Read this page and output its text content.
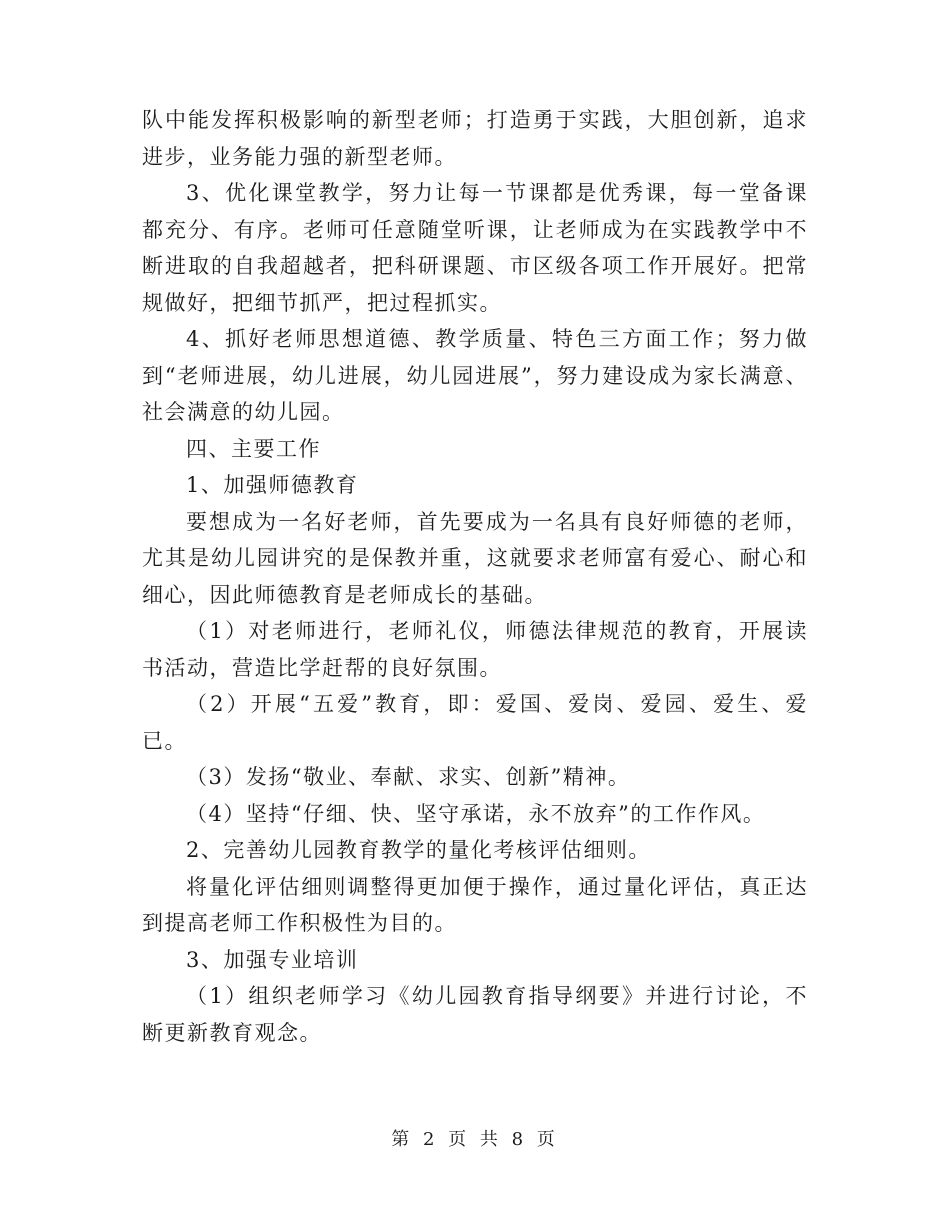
队中能发挥积极影响的新型老师；打造勇于实践，大胆创新，追求进步，业务能力强的新型老师。

3、优化课堂教学，努力让每一节课都是优秀课，每一堂备课都充分、有序。老师可任意随堂听课，让老师成为在实践教学中不断进取的自我超越者，把科研课题、市区级各项工作开展好。把常规做好，把细节抓严，把过程抓实。

4、抓好老师思想道德、教学质量、特色三方面工作；努力做到“老师进展，幼儿进展，幼儿园进展”，努力建设成为家长满意、社会满意的幼儿园。

四、主要工作

1、加强师德教育

要想成为一名好老师，首先要成为一名具有良好师德的老师，尤其是幼儿园讲究的是保教并重，这就要求老师富有爱心、耐心和细心，因此师德教育是老师成长的基础。

（1）对老师进行，老师礼仪，师德法律规范的教育，开展读书活动，营造比学赶帮的良好氛围。

（2）开展“五爱”教育，即：爱国、爱岗、爱园、爱生、爱已。

（3）发扬“敬业、奉献、求实、创新”精神。

（4）坚持“仔细、快、坚守承诺，永不放弃”的工作作风。

2、完善幼儿园教育教学的量化考核评估细则。

将量化评估细则调整得更加便于操作，通过量化评估，真正达到提高老师工作积极性为目的。

3、加强专业培训

（1）组织老师学习《幼儿园教育指导纲要》并进行讨论，不断更新教育观念。

第 2 页 共 8 页
